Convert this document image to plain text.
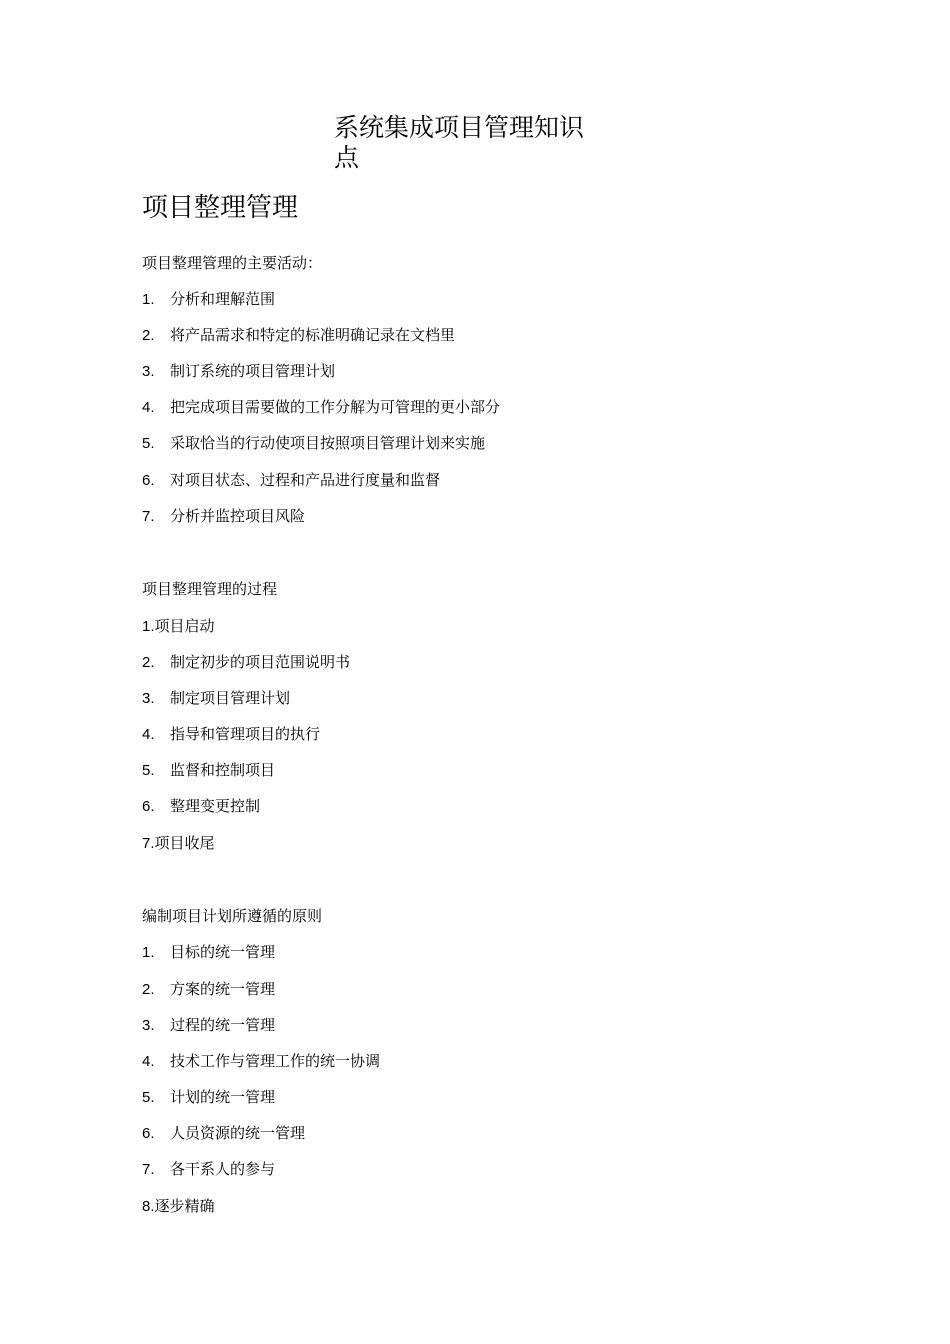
系统集成项目管理知识点
项目整理管理
项目整理管理的主要活动：
1. 分析和理解范围
2. 将产品需求和特定的标准明确记录在文档里
3. 制订系统的项目管理计划
4. 把完成项目需要做的工作分解为可管理的更小部分
5. 采取恰当的行动使项目按照项目管理计划来实施
6. 对项目状态、过程和产品进行度量和监督
7. 分析并监控项目风险
项目整理管理的过程
1.项目启动
2. 制定初步的项目范围说明书
3. 制定项目管理计划
4. 指导和管理项目的执行
5. 监督和控制项目
6. 整理变更控制
7.项目收尾
编制项目计划所遵循的原则
1. 目标的统一管理
2. 方案的统一管理
3. 过程的统一管理
4. 技术工作与管理工作的统一协调
5. 计划的统一管理
6. 人员资源的统一管理
7. 各干系人的参与
8.逐步精确
